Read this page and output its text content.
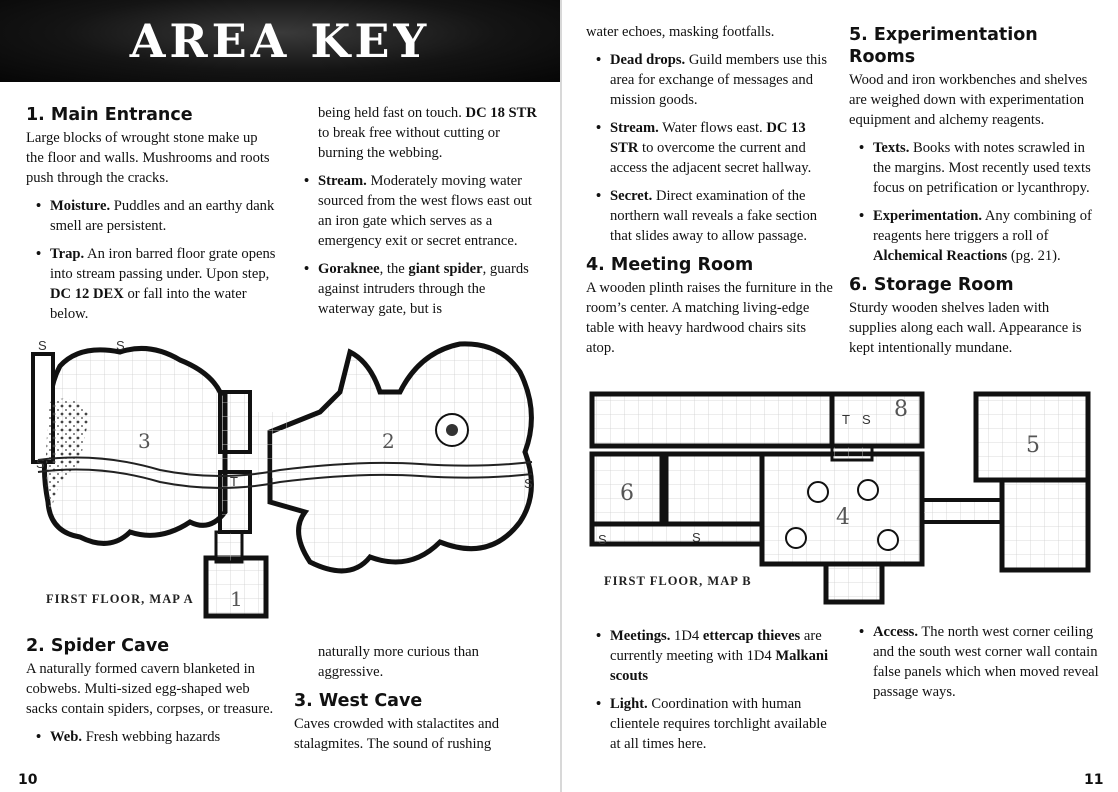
AREA KEY
1. Main Entrance

Large blocks of wrought stone make up the floor and walls. Mushrooms and roots push through the cracks.

• Moisture. Puddles and an earthy dank smell are persistent.
• Trap. An iron barred floor grate opens into stream passing under. Upon step, DC 12 DEX or fall into the water below.

being held fast on touch. DC 18 STR to break free without cutting or burning the webbing.

• Stream. Moderately moving water sourced from the west flows east out an iron gate which serves as a emergency exit or secret entrance.
• Goraknee, the giant spider, guards against intruders through the waterway gate, but is
3	2
1
S	S
S
S
T
FIRST FLOOR, MAP A
2. Spider Cave

A naturally formed cavern blanketed in cobwebs. Multi-sized egg-shaped web sacks contain spiders, corpses, or treasure.

• Web. Fresh webbing hazards

naturally more curious than aggressive.

3. West Cave

Caves crowded with stalactites and stalagmites. The sound of rushing

10

water echoes, masking footfalls.

• Dead drops. Guild members use this area for exchange of messages and mission goods.
• Stream. Water flows east. DC 13 STR to overcome the current and access the adjacent secret hallway.
• Secret. Direct examination of the northern wall reveals a fake section that slides away to allow passage.
4. Meeting Room

A wooden plinth raises the furniture in the room’s center. A matching living-edge table with heavy hardwood chairs sits atop.

5. Experimentation Rooms

Wood and iron workbenches and shelves are weighed down with experimentation equipment and alchemy reagents.

• Texts. Books with notes scrawled in the margins. Most recently used texts focus on petrification or lycanthropy.
• Experimentation. Any combining of reagents here triggers a roll of Alchemical Reactions (pg. 21).
6. Storage Room

Sturdy wooden shelves laden with supplies along each wall. Appearance is kept intentionally mundane.

4
5
6
8
S	S
S
T
FIRST FLOOR, MAP B
• Meetings. 1D4 ettercap thieves are currently meeting with 1D4 Malkani scouts
• Light. Coordination with human clientele requires torchlight available at all times here.
• Access. The north west corner ceiling and the south west corner wall contain false panels which when moved reveal passage ways.
11
